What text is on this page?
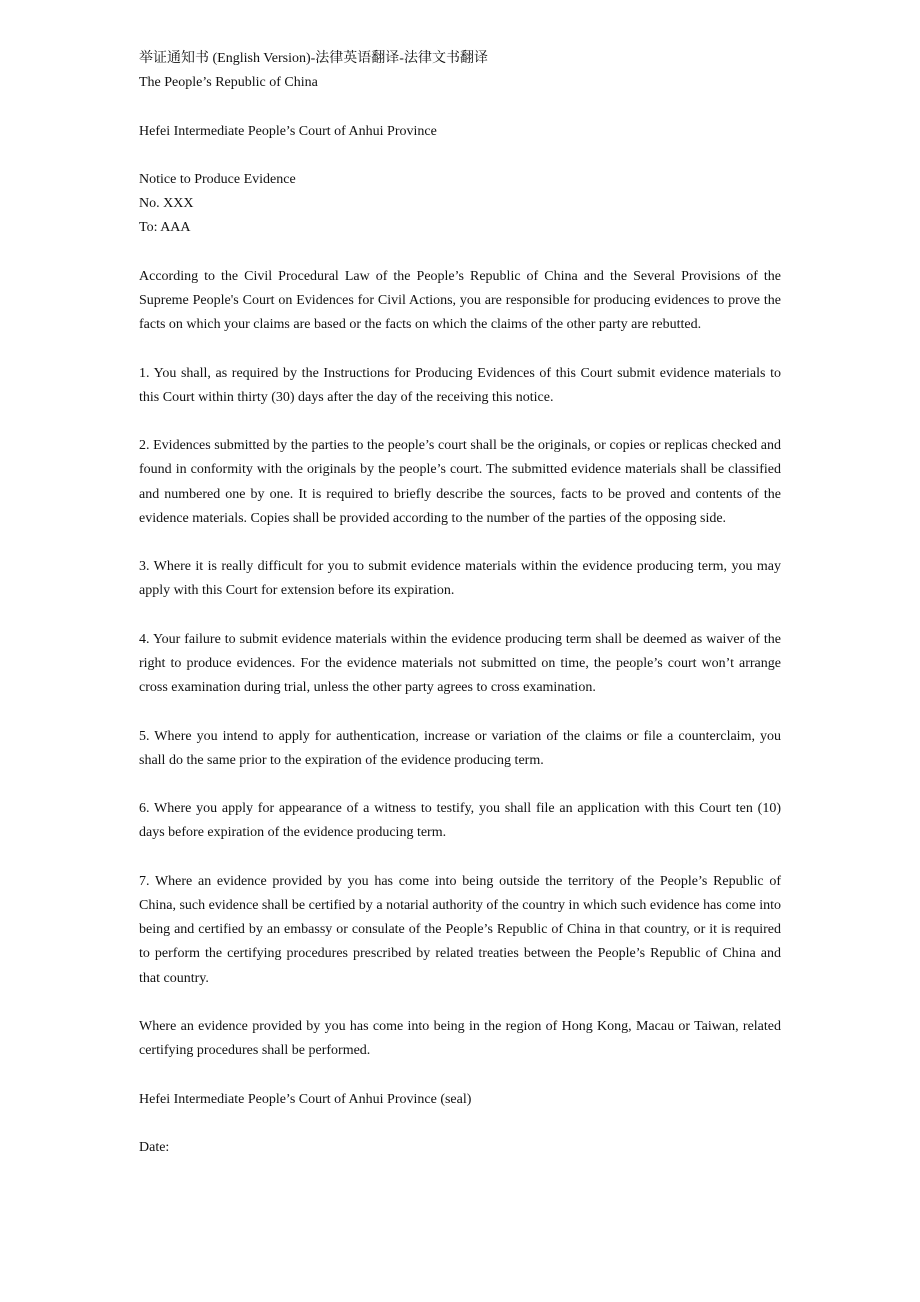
举证通知书 (English Version)-法律英语翻译-法律文书翻译

The People’s Republic of China

Hefei Intermediate People’s Court of Anhui Province

Notice to Produce Evidence

No. XXX

To: AAA

According to the Civil Procedural Law of the People’s Republic of China and the Several Provisions of the Supreme People's Court on Evidences for Civil Actions, you are responsible for producing evidences to prove the facts on which your claims are based or the facts on which the claims of the other party are rebutted.

1. You shall, as required by the Instructions for Producing Evidences of this Court submit evidence materials to this Court within thirty (30) days after the day of the receiving this notice.

2. Evidences submitted by the parties to the people’s court shall be the originals, or copies or replicas checked and found in conformity with the originals by the people’s court. The submitted evidence materials shall be classified and numbered one by one. It is required to briefly describe the sources, facts to be proved and contents of the evidence materials. Copies shall be provided according to the number of the parties of the opposing side.

3. Where it is really difficult for you to submit evidence materials within the evidence producing term, you may apply with this Court for extension before its expiration.

4. Your failure to submit evidence materials within the evidence producing term shall be deemed as waiver of the right to produce evidences. For the evidence materials not submitted on time, the people’s court won’t arrange cross examination during trial, unless the other party agrees to cross examination.

5. Where you intend to apply for authentication, increase or variation of the claims or file a counterclaim, you shall do the same prior to the expiration of the evidence producing term.

6. Where you apply for appearance of a witness to testify, you shall file an application with this Court ten (10) days before expiration of the evidence producing term.

7. Where an evidence provided by you has come into being outside the territory of the People’s Republic of China, such evidence shall be certified by a notarial authority of the country in which such evidence has come into being and certified by an embassy or consulate of the People’s Republic of China in that country, or it is required to perform the certifying procedures prescribed by related treaties between the People’s Republic of China and that country.

Where an evidence provided by you has come into being in the region of Hong Kong, Macau or Taiwan, related certifying procedures shall be performed.

Hefei Intermediate People’s Court of Anhui Province (seal)

Date:
